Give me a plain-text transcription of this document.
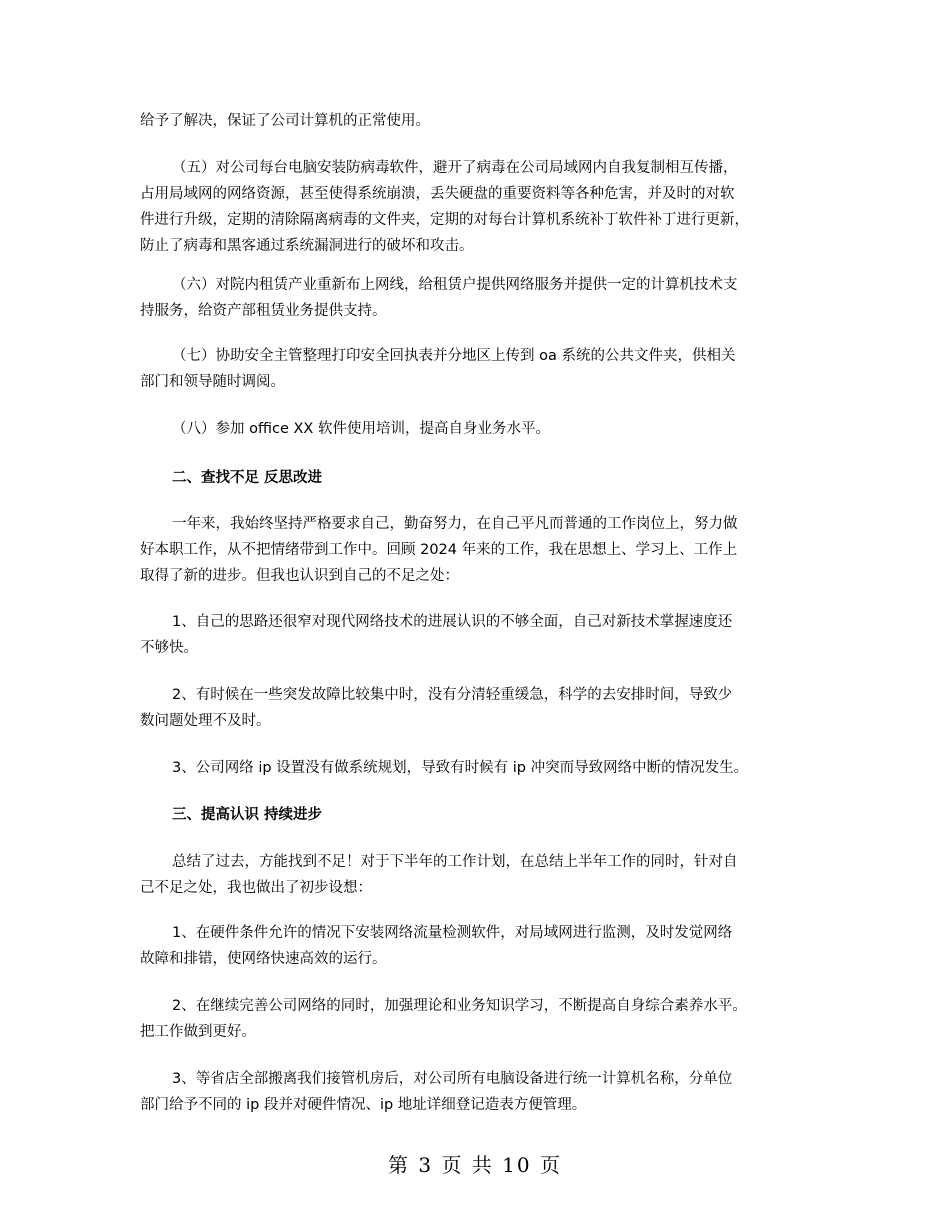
给予了解决，保证了公司计算机的正常使用。

（五）对公司每台电脑安装防病毒软件，避开了病毒在公司局域网内自我复制相互传播，
占用局域网的网络资源，甚至使得系统崩溃，丢失硬盘的重要资料等各种危害，并及时的对软
件进行升级，定期的清除隔离病毒的文件夹，定期的对每台计算机系统补丁软件补丁进行更新，
防止了病毒和黑客通过系统漏洞进行的破坏和攻击。

（六）对院内租赁产业重新布上网线，给租赁户提供网络服务并提供一定的计算机技术支
持服务，给资产部租赁业务提供支持。

（七）协助安全主管整理打印安全回执表并分地区上传到 oa 系统的公共文件夹，供相关
部门和领导随时调阅。

（八）参加 office XX 软件使用培训，提高自身业务水平。

二、查找不足 反思改进

一年来，我始终坚持严格要求自己，勤奋努力，在自己平凡而普通的工作岗位上，努力做
好本职工作，从不把情绪带到工作中。回顾 2024 年来的工作，我在思想上、学习上、工作上
取得了新的进步。但我也认识到自己的不足之处：

1、自己的思路还很窄对现代网络技术的进展认识的不够全面，自己对新技术掌握速度还
不够快。

2、有时候在一些突发故障比较集中时，没有分清轻重缓急，科学的去安排时间，导致少
数问题处理不及时。

3、公司网络 ip 设置没有做系统规划，导致有时候有 ip 冲突而导致网络中断的情况发生。

三、提高认识 持续进步

总结了过去，方能找到不足！对于下半年的工作计划，在总结上半年工作的同时，针对自
己不足之处，我也做出了初步设想：

1、在硬件条件允许的情况下安装网络流量检测软件，对局域网进行监测，及时发觉网络
故障和排错，使网络快速高效的运行。

2、在继续完善公司网络的同时，加强理论和业务知识学习，不断提高自身综合素养水平。
把工作做到更好。

3、等省店全部搬离我们接管机房后，对公司所有电脑设备进行统一计算机名称，分单位
部门给予不同的 ip 段并对硬件情况、ip 地址详细登记造表方便管理。

第 3 页 共 10 页
